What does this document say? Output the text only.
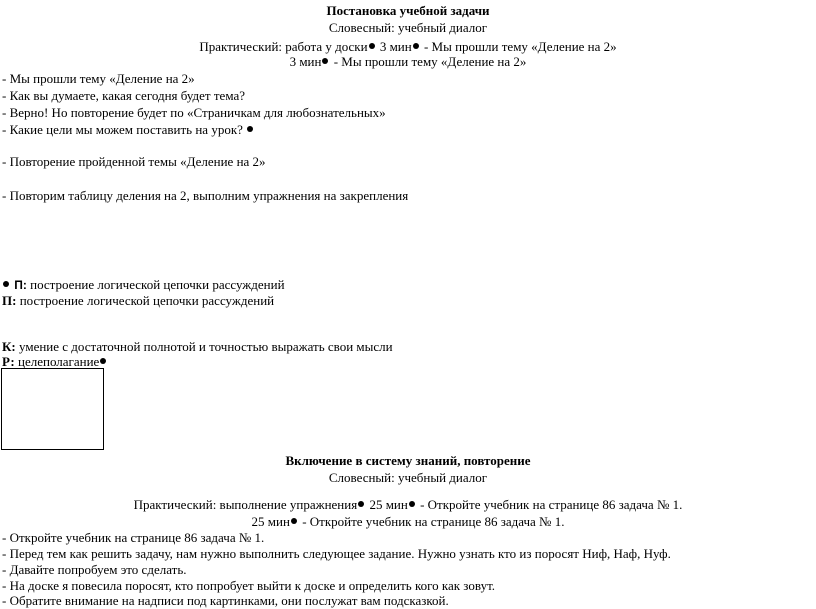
Постановка учебной задачи
Словесный: учебный диалог
Практический: работа у доски 3 мин - Мы прошли тему «Деление на 2»
3 мин - Мы прошли тему «Деление на 2»
- Мы прошли тему «Деление на 2»
- Как вы думаете, какая сегодня будет тема?
- Верно! Но повторение будет по «Страничкам для любознательных»
- Какие цели мы можем поставить на урок?
- Повторение пройденной темы «Деление на 2»
- Повторим таблицу деления на 2, выполним упражнения на закрепления
П: построение логической цепочки рассуждений
П: построение логической цепочки рассуждений
К: умение с достаточной полнотой и точностью выражать свои мысли
Р: целеполагание
Включение в систему знаний, повторение
Словесный: учебный диалог
Практический: выполнение упражнения 25 мин - Откройте учебник на странице 86 задача № 1.
25 мин - Откройте учебник на странице 86 задача № 1.
- Откройте учебник на странице 86 задача № 1.
- Перед тем как решить задачу, нам нужно выполнить следующее задание. Нужно узнать кто из поросят Ниф, Наф, Нуф.
- Давайте попробуем это сделать.
- На доске я повесила поросят, кто попробует выйти к доске и определить кого как зовут.
- Обратите внимание на надписи под картинками, они послужат вам подсказкой.
